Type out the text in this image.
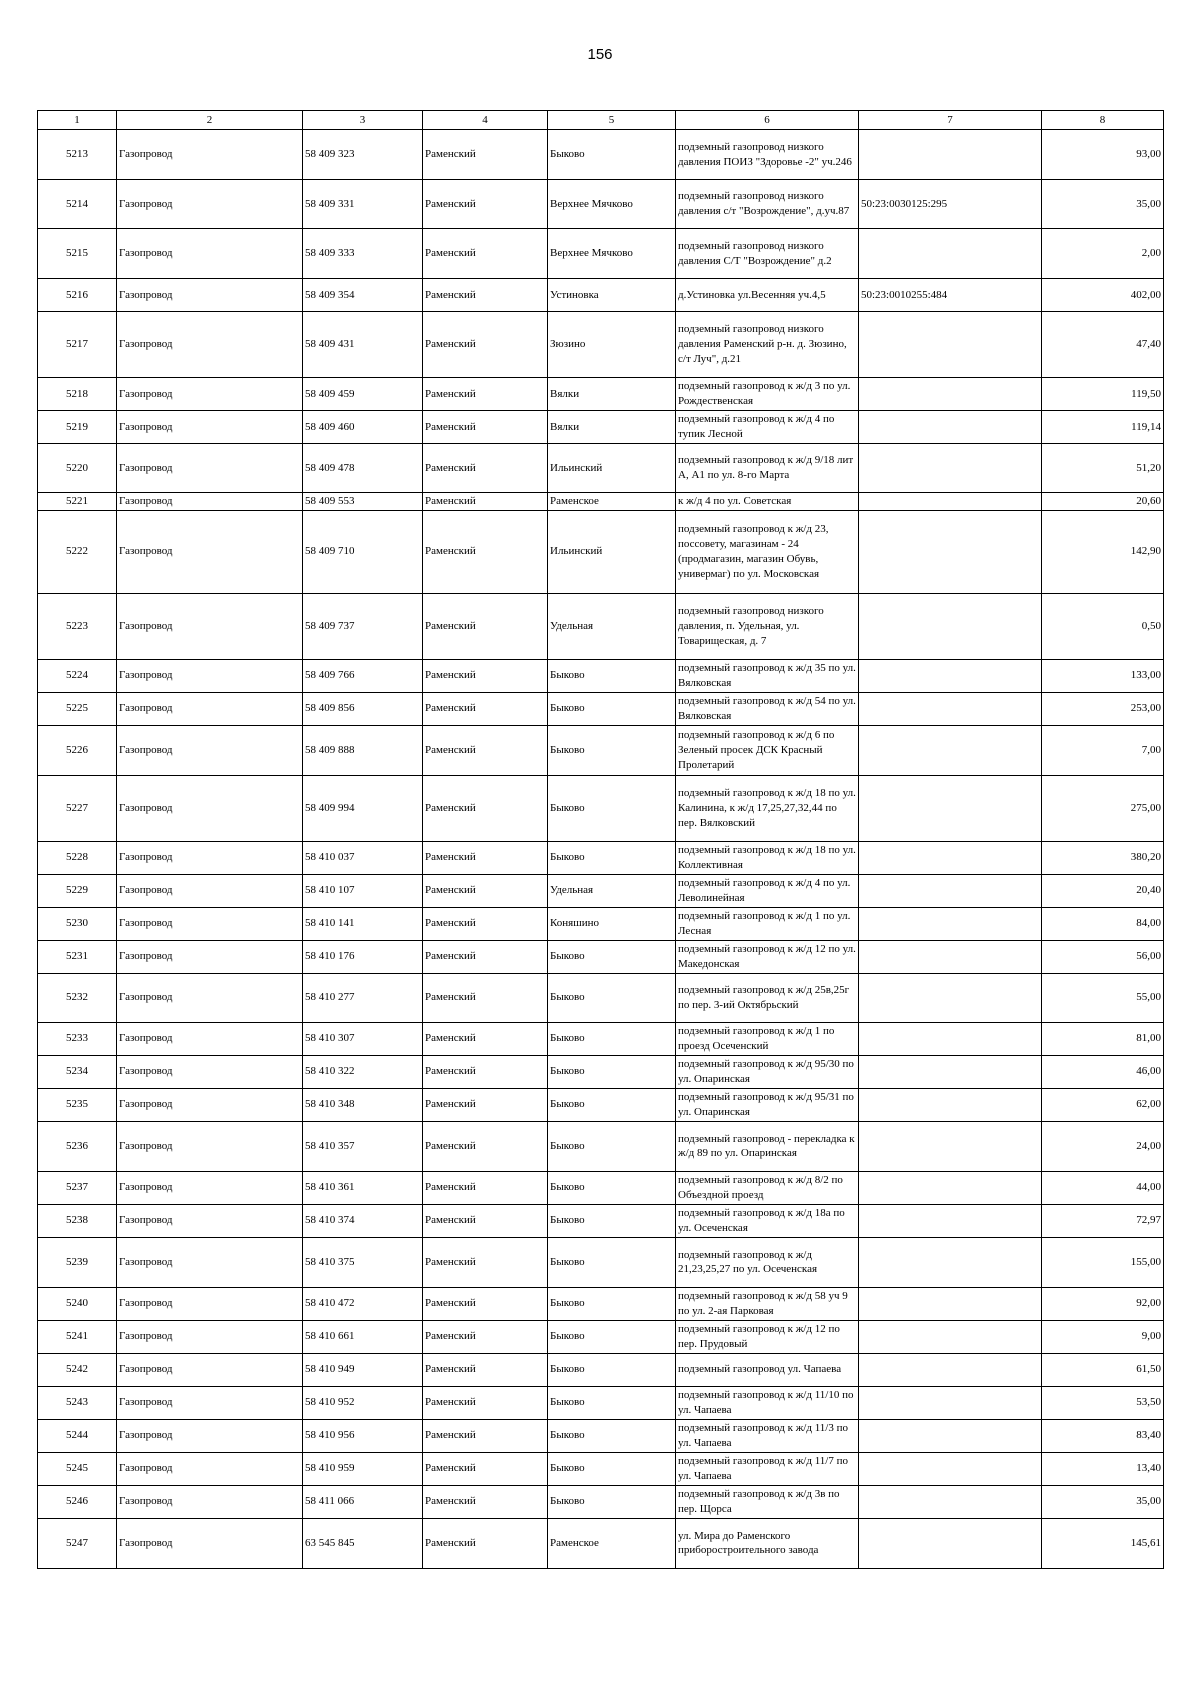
156
1	2	3	4	5	6	7	8
5213	Газопровод	58 409 323	Раменский	Быково	подземный газопровод низкого давления ПОИЗ "Здоровье -2" уч.246		93,00
5214	Газопровод	58 409 331	Раменский	Верхнее Мячково	подземный газопровод низкого давления с/т "Возрождение", д.уч.87	50:23:0030125:295	35,00
5215	Газопровод	58 409 333	Раменский	Верхнее Мячково	подземный газопровод низкого давления С/Т "Возрождение" д.2		2,00
5216	Газопровод	58 409 354	Раменский	Устиновка	д.Устиновка ул.Весенняя уч.4,5	50:23:0010255:484	402,00
5217	Газопровод	58 409 431	Раменский	Зюзино	подземный газопровод низкого давления Раменский р-н. д. Зюзино, с/т Луч", д.21		47,40
5218	Газопровод	58 409 459	Раменский	Вялки	подземный газопровод к ж/д 3 по ул. Рождественская		119,50
5219	Газопровод	58 409 460	Раменский	Вялки	подземный газопровод к ж/д 4 по тупик Лесной		119,14
5220	Газопровод	58 409 478	Раменский	Ильинский	подземный газопровод к ж/д 9/18 лит А, А1 по ул. 8-го Марта		51,20
5221	Газопровод	58 409 553	Раменский	Раменское	к ж/д 4 по ул. Советская		20,60
5222	Газопровод	58 409 710	Раменский	Ильинский	подземный газопровод к ж/д 23, поссовету, магазинам - 24 (продмагазин, магазин Обувь, универмаг) по ул. Московская		142,90
5223	Газопровод	58 409 737	Раменский	Удельная	подземный газопровод низкого давления, п. Удельная, ул. Товарищеская, д. 7		0,50
5224	Газопровод	58 409 766	Раменский	Быково	подземный газопровод к ж/д 35 по ул. Вялковская		133,00
5225	Газопровод	58 409 856	Раменский	Быково	подземный газопровод к ж/д 54 по ул. Вялковская		253,00
5226	Газопровод	58 409 888	Раменский	Быково	подземный газопровод к ж/д 6 по Зеленый просек ДСК Красный Пролетарий		7,00
5227	Газопровод	58 409 994	Раменский	Быково	подземный газопровод к ж/д 18 по ул. Калинина, к ж/д 17,25,27,32,44 по пер. Вялковский		275,00
5228	Газопровод	58 410 037	Раменский	Быково	подземный газопровод к ж/д 18 по ул. Коллективная		380,20
5229	Газопровод	58 410 107	Раменский	Удельная	подземный газопровод к ж/д 4 по ул. Леволинейная		20,40
5230	Газопровод	58 410 141	Раменский	Коняшино	подземный газопровод к ж/д 1 по ул. Лесная		84,00
5231	Газопровод	58 410 176	Раменский	Быково	подземный газопровод к ж/д 12 по ул. Македонская		56,00
5232	Газопровод	58 410 277	Раменский	Быково	подземный газопровод к ж/д 25в,25г по пер. 3-ий Октябрьский		55,00
5233	Газопровод	58 410 307	Раменский	Быково	подземный газопровод к ж/д 1 по проезд Осеченский		81,00
5234	Газопровод	58 410 322	Раменский	Быково	подземный газопровод к ж/д 95/30 по ул. Опаринская		46,00
5235	Газопровод	58 410 348	Раменский	Быково	подземный газопровод к ж/д 95/31 по ул. Опаринская		62,00
5236	Газопровод	58 410 357	Раменский	Быково	подземный газопровод - перекладка к ж/д 89 по ул. Опаринская		24,00
5237	Газопровод	58 410 361	Раменский	Быково	подземный газопровод к ж/д 8/2 по Объездной проезд		44,00
5238	Газопровод	58 410 374	Раменский	Быково	подземный газопровод к ж/д 18а по ул. Осеченская		72,97
5239	Газопровод	58 410 375	Раменский	Быково	подземный газопровод к ж/д 21,23,25,27 по ул. Осеченская		155,00
5240	Газопровод	58 410 472	Раменский	Быково	подземный газопровод к ж/д 58 уч 9 по ул. 2-ая Парковая		92,00
5241	Газопровод	58 410 661	Раменский	Быково	подземный газопровод к ж/д 12 по пер. Прудовый		9,00
5242	Газопровод	58 410 949	Раменский	Быково	подземный газопровод ул. Чапаева		61,50
5243	Газопровод	58 410 952	Раменский	Быково	подземный газопровод к ж/д 11/10 по ул. Чапаева		53,50
5244	Газопровод	58 410 956	Раменский	Быково	подземный газопровод к ж/д 11/3 по ул. Чапаева		83,40
5245	Газопровод	58 410 959	Раменский	Быково	подземный газопровод к ж/д 11/7 по ул. Чапаева		13,40
5246	Газопровод	58 411 066	Раменский	Быково	подземный газопровод к ж/д 3в по пер. Щорса		35,00
5247	Газопровод	63 545 845	Раменский	Раменское	ул. Мира до Раменского приборостроительного завода		145,61
